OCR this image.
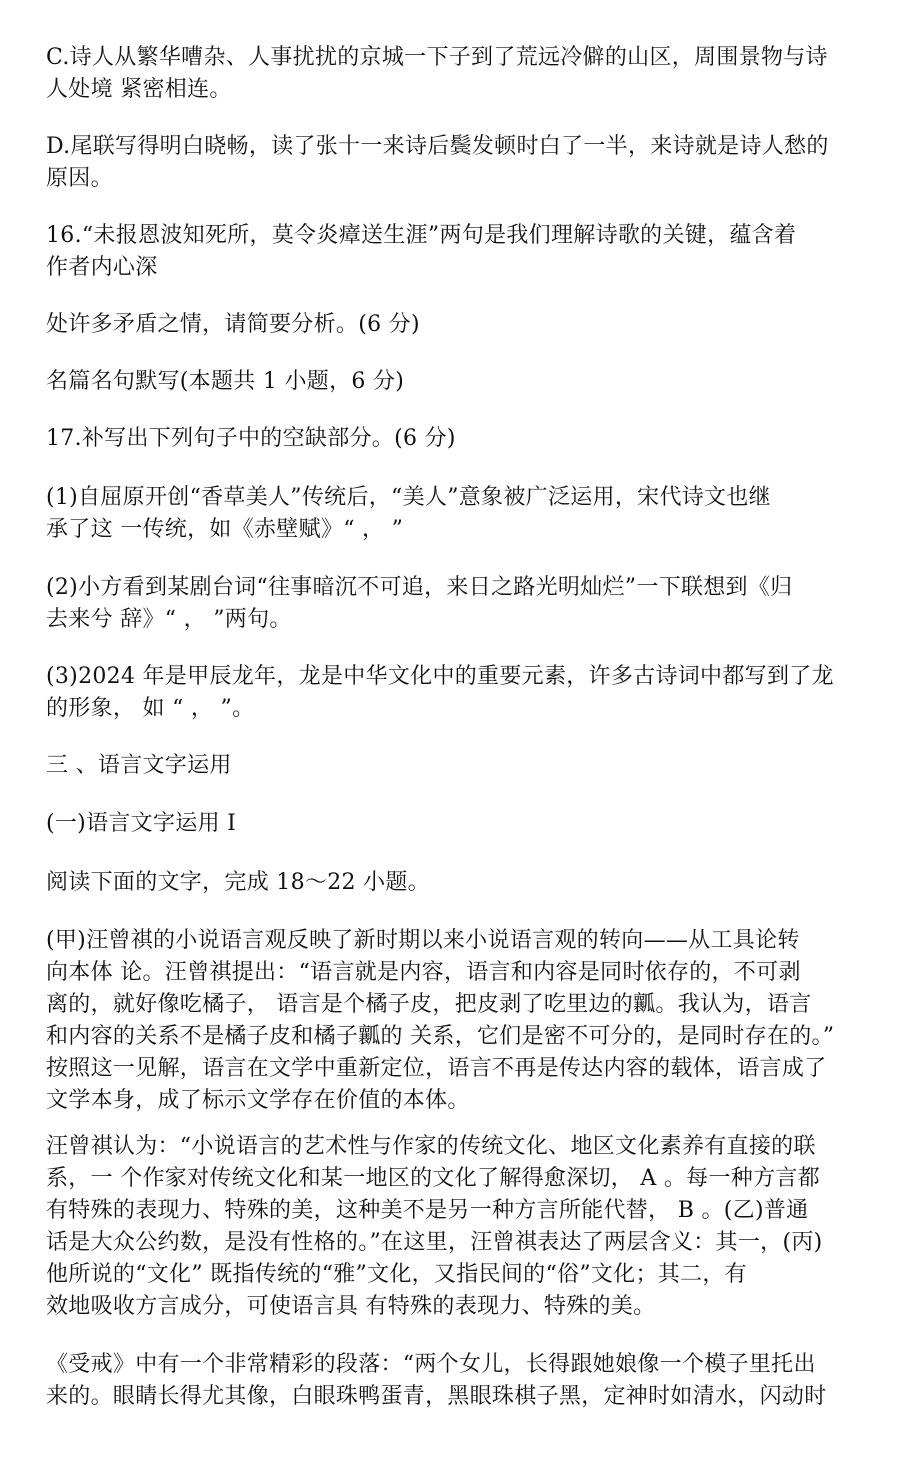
C.诗人从繁华嘈杂、人事扰扰的京城一下子到了荒远冷僻的山区，周围景物与诗
人处境 紧密相连。
D.尾联写得明白晓畅，读了张十一来诗后鬓发顿时白了一半，来诗就是诗人愁的
原因。
16.“未报恩波知死所，莫令炎瘴送生涯”两句是我们理解诗歌的关键，蕴含着
作者内心深
处许多矛盾之情，请简要分析。(6 分)
名篇名句默写(本题共 1 小题，6 分)
17.补写出下列句子中的空缺部分。(6 分)
(1)自屈原开创“香草美人”传统后，“美人”意象被广泛运用，宋代诗文也继
承了这 一传统，如《赤壁赋》“ ， ”
(2)小方看到某剧台词“往事暗沉不可追，来日之路光明灿烂”一下联想到《归
去来兮 辞》“ ， ”两句。
(3)2024 年是甲辰龙年，龙是中华文化中的重要元素，许多古诗词中都写到了龙
的形象， 如 “ ， ”。
三 、语言文字运用
(一)语言文字运用 I
阅读下面的文字，完成 18～22 小题。
(甲)汪曾祺的小说语言观反映了新时期以来小说语言观的转向——从工具论转
向本体 论。汪曾祺提出：“语言就是内容，语言和内容是同时依存的，不可剥
离的，就好像吃橘子， 语言是个橘子皮，把皮剥了吃里边的瓤。我认为，语言
和内容的关系不是橘子皮和橘子瓤的 关系，它们是密不可分的，是同时存在的。”
按照这一见解，语言在文学中重新定位，语言不再是传达内容的载体，语言成了
文学本身，成了标示文学存在价值的本体。
汪曾祺认为：“小说语言的艺术性与作家的传统文化、地区文化素养有直接的联
系，一 个作家对传统文化和某一地区的文化了解得愈深切， A 。每一种方言都
有特殊的表现力、特殊的美，这种美不是另一种方言所能代替， B 。(乙)普通
话是大众公约数，是没有性格的。”在这里，汪曾祺表达了两层含义：其一，(丙)
他所说的“文化” 既指传统的“雅”文化，又指民间的“俗”文化；其二，有
效地吸收方言成分，可使语言具 有特殊的表现力、特殊的美。
《受戒》中有一个非常精彩的段落：“两个女儿，长得跟她娘像一个模子里托出
来的。眼睛长得尤其像，白眼珠鸭蛋青，黑眼珠棋子黑，定神时如清水，闪动时
